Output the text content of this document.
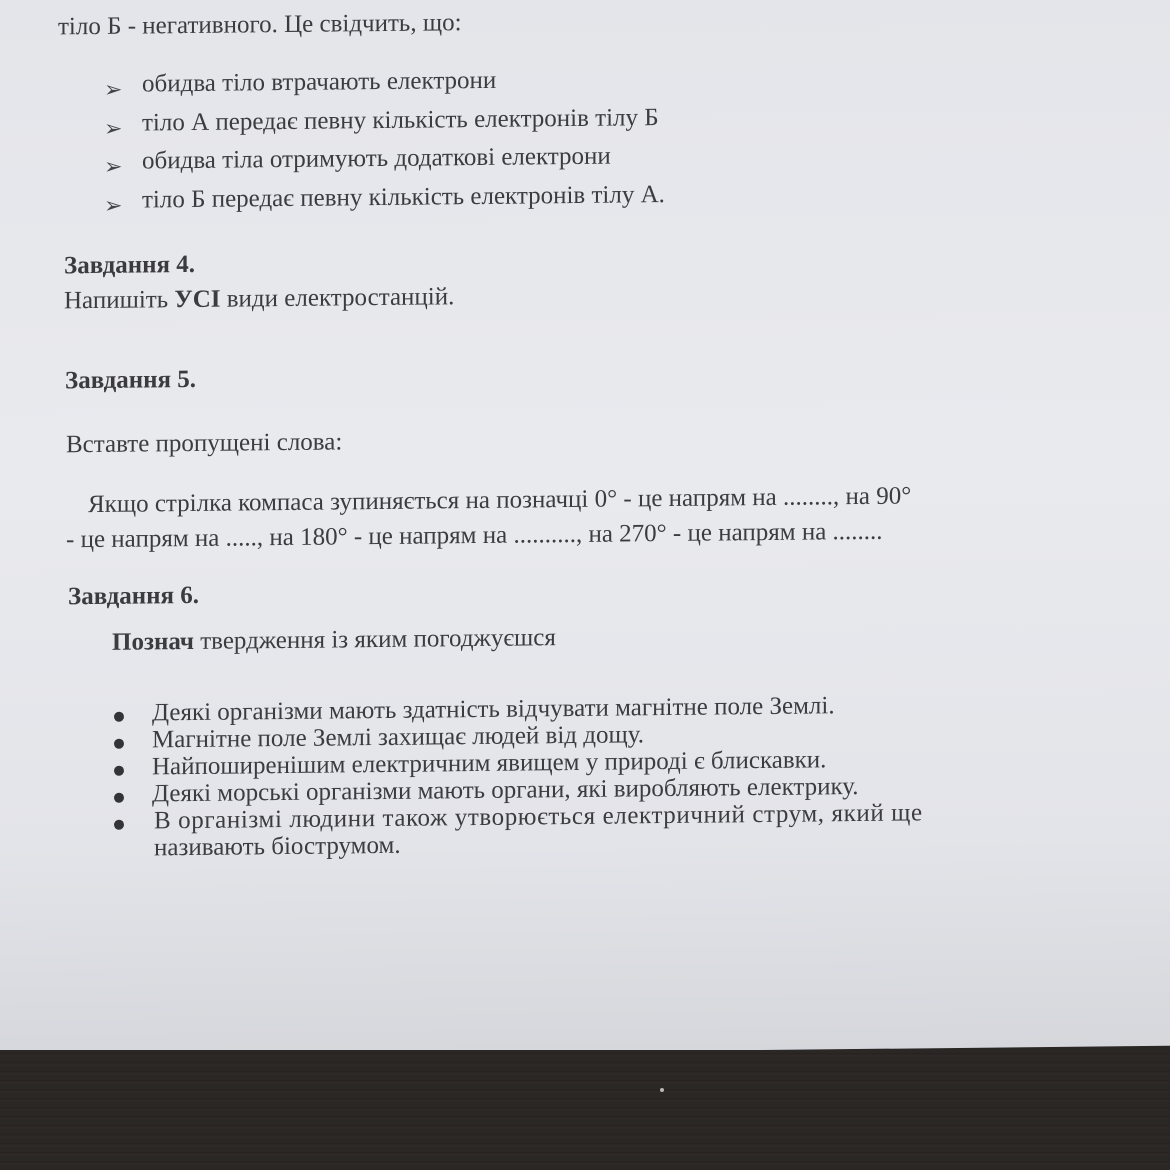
тіло Б - негативного. Це свідчить, що:
➢ обидва тіло втрачають електрони
➢ тіло А передає певну кількість електронів тілу Б
➢ обидва тіла отримують додаткові електрони
➢ тіло Б передає певну кількість електронів тілу А.
Завдання 4.
Напишіть УСІ види електростанцій.
Завдання 5.
Вставте пропущені слова:
Якщо стрілка компаса зупиняється на позначці 0° - це напрям на ........, на 90°
- це напрям на ....., на 180° - це напрям на .........., на 270° - це напрям на ........
Завдання 6.
Познач твердження із яким погоджуєшся
Деякі організми мають здатність відчувати магнітне поле Землі.
Магнітне поле Землі захищає людей від дощу.
Найпоширенішим електричним явищем у природі є блискавки.
Деякі морські організми мають органи, які виробляють електрику.
В організмі людини також утворюється електричний струм, який ще
називають біострумом.
